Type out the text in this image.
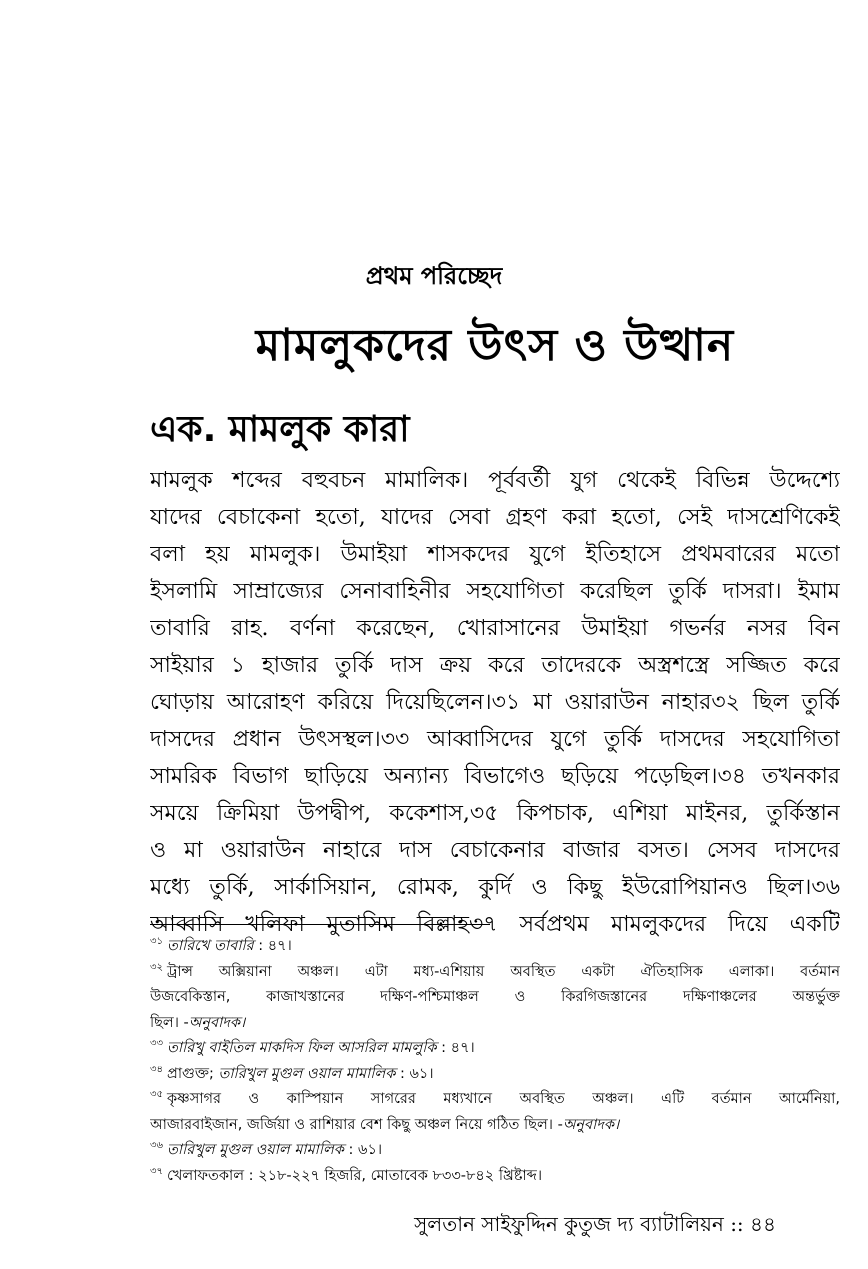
প্রথম পরিচ্ছেদ
মামলুকদের উৎস ও উত্থান
এক. মামলুক কারা
মামলুক শব্দের বহুবচন মামালিক। পূর্ববর্তী যুগ থেকেই বিভিন্ন উদ্দেশ্যে
যাদের বেচাকেনা হতো, যাদের সেবা গ্রহণ করা হতো, সেই দাসশ্রেণিকেই
বলা হয় মামলুক। উমাইয়া শাসকদের যুগে ইতিহাসে প্রথমবারের মতো
ইসলামি সাম্রাজ্যের সেনাবাহিনীর সহযোগিতা করেছিল তুর্কি দাসরা। ইমাম
তাবারি রাহ. বর্ণনা করেছেন, খোরাসানের উমাইয়া গভর্নর নসর বিন
সাইয়ার ১ হাজার তুর্কি দাস ক্রয় করে তাদেরকে অস্ত্রশস্ত্রে সজ্জিত করে
ঘোড়ায় আরোহণ করিয়ে দিয়েছিলেন।৩১ মা ওয়ারাউন নাহার৩২ ছিল তুর্কি
দাসদের প্রধান উৎসস্থল।৩৩ আব্বাসিদের যুগে তুর্কি দাসদের সহযোগিতা
সামরিক বিভাগ ছাড়িয়ে অন্যান্য বিভাগেও ছড়িয়ে পড়েছিল।৩৪ তখনকার
সময়ে ক্রিমিয়া উপদ্বীপ, ককেশাস,৩৫ কিপচাক, এশিয়া মাইনর, তুর্কিস্তান
ও মা ওয়ারাউন নাহারে দাস বেচাকেনার বাজার বসত। সেসব দাসদের
মধ্যে তুর্কি, সার্কাসিয়ান, রোমক, কুর্দি ও কিছু ইউরোপিয়ানও ছিল।৩৬
আব্বাসি খলিফা মুতাসিম বিল্লাহ৩৭ সর্বপ্রথম মামলুকদের দিয়ে একটি
$^{৩১}$ তারিখে তাবারি : ৪৭।
$^{৩২}$ ট্রান্স অক্সিয়ানা অঞ্চল। এটা মধ্য-এশিয়ায় অবস্থিত একটা ঐতিহাসিক এলাকা। বর্তমান
উজবেকিস্তান, কাজাখস্তানের দক্ষিণ-পশ্চিমাঞ্চল ও কিরগিজস্তানের দক্ষিণাঞ্চলের অন্তর্ভুক্ত
ছিল। -অনুবাদক।
$^{৩৩}$ তারিখু বাইতিল মাকদিস ফিল আসরিল মামলুকি : ৪৭।
$^{৩৪}$ প্রাগুক্ত; তারিখুল মুগুল ওয়াল মামালিক : ৬১।
$^{৩৫}$ কৃষ্ণসাগর ও কাস্পিয়ান সাগরের মধ্যখানে অবস্থিত অঞ্চল। এটি বর্তমান আর্মেনিয়া,
আজারবাইজান, জর্জিয়া ও রাশিয়ার বেশ কিছু অঞ্চল নিয়ে গঠিত ছিল। -অনুবাদক।
$^{৩৬}$ তারিখুল মুগুল ওয়াল মামালিক : ৬১।
$^{৩৭}$ খেলাফতকাল : ২১৮-২২৭ হিজরি, মোতাবেক ৮৩৩-৮৪২ খ্রিষ্টাব্দ।
সুলতান সাইফুদ্দিন কুতুজ দ্য ব্যাটালিয়ন :: ৪৪
